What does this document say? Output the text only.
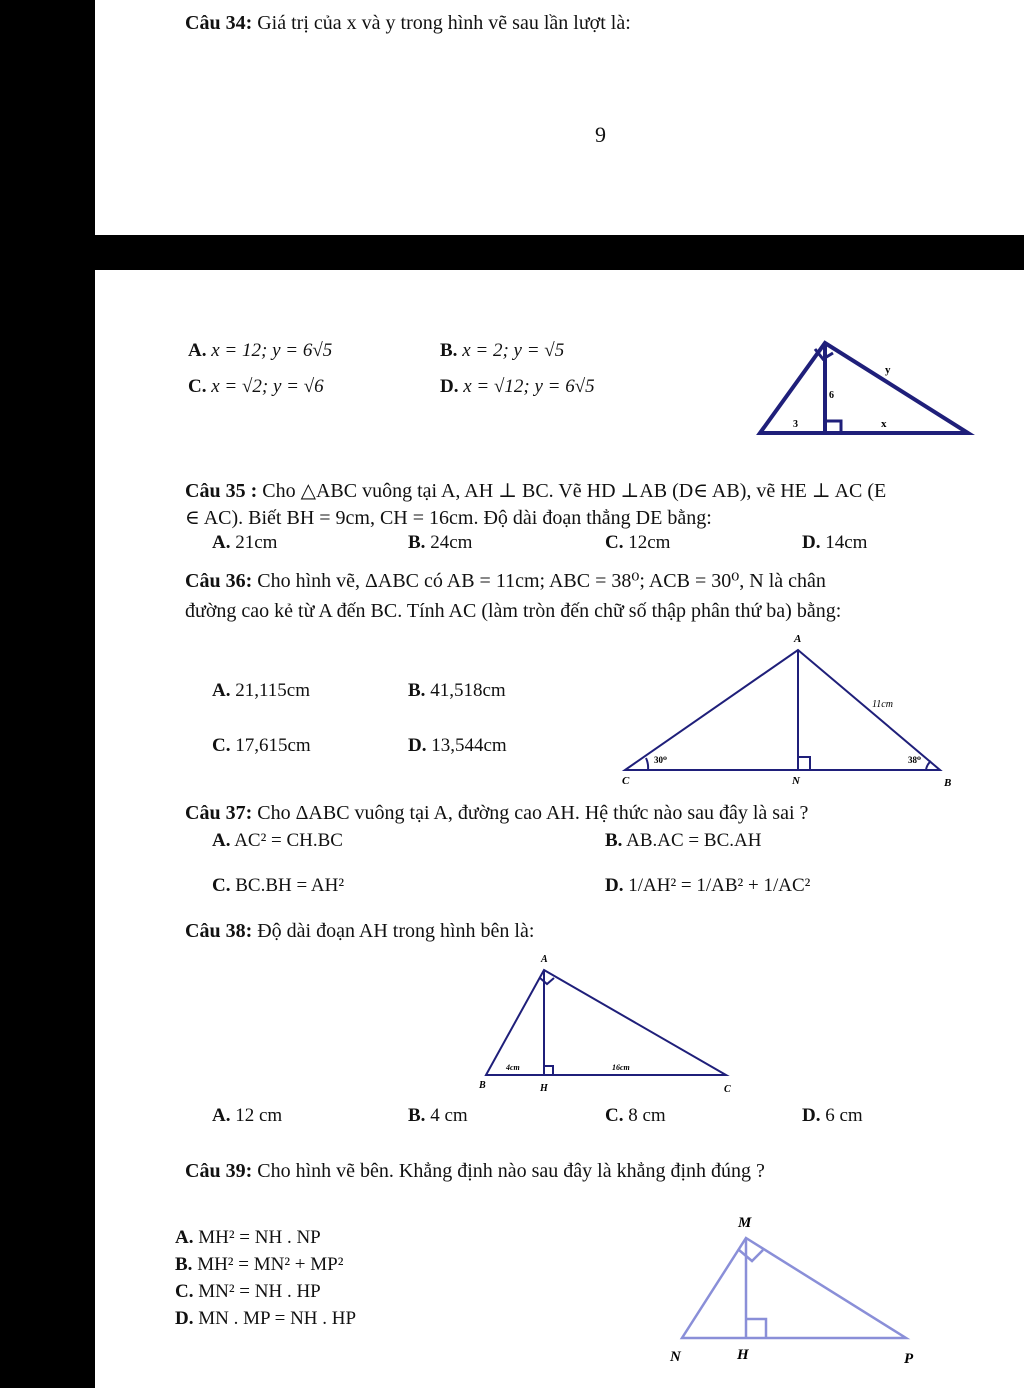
Câu 34: Giá trị của x và y trong hình vẽ sau lần lượt là:
9
A. x = 12; y = 6√5	B. x = 2; y = √5
C. x = √2; y = √6	D. x = √12; y = 6√5
y
6
3	x
Câu 35 : Cho △ABC vuông tại A, AH ⊥ BC. Vẽ HD ⊥AB (D∈ AB), vẽ HE ⊥ AC (E
∈ AC). Biết BH = 9cm, CH = 16cm. Độ dài đoạn thẳng DE bằng:
A. 21cm	B. 24cm	C. 12cm	D. 14cm
Câu 36: Cho hình vẽ, ΔABC có AB = 11cm; ABC = 38⁰; ACB = 30⁰, N là chân
đường cao kẻ từ A đến BC. Tính AC (làm tròn đến chữ số thập phân thứ ba) bằng:
A. 21,115cm	B. 41,518cm
C. 17,615cm	D. 13,544cm
A
C	N	B
11cm
30⁰	38⁰
Câu 37: Cho ΔABC vuông tại A, đường cao AH. Hệ thức nào sau đây là sai ?
A. AC² = CH.BC	B. AB.AC = BC.AH
C. BC.BH = AH²	D. 1/AH² = 1/AB² + 1/AC²
Câu 38: Độ dài đoạn AH trong hình bên là:
A
B	H	C
4cm	16cm
A. 12 cm	B. 4 cm	C. 8 cm	D. 6 cm
Câu 39: Cho hình vẽ bên. Khẳng định nào sau đây là khẳng định đúng ?
A. MH² = NH . NP
B. MH² = MN² + MP²
C. MN² = NH . HP
D. MN . MP = NH . HP
M
N	H	P
